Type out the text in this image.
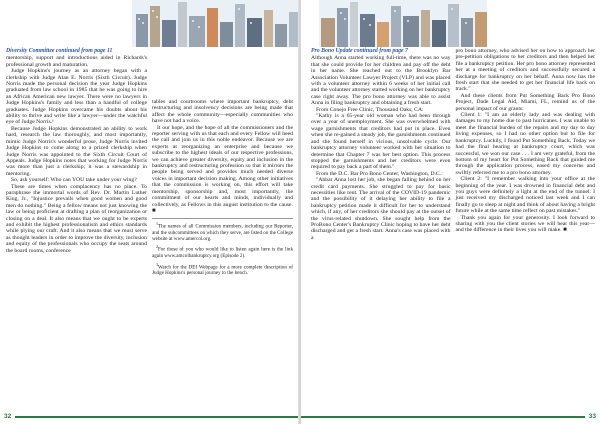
Diversity Committee continued from page 11

mentorship, support and introductions aided in Richards's professional growth and maturation.

Judge Hopkins's journey as an attorney began with a clerkship with Judge Alan E. Norris (Sixth Circuit). Judge Norris made the personal decision the year Judge Hopkins graduated from law school in 1985 that he was going to hire an African American new lawyer. There were no lawyers in Judge Hopkins's family and less than a handful of college graduates. Judge Hopkins overcame his doubts about his ability to thrive and write like a lawyer—under the watchful eye of Judge Norris.¹

Because Judge Hopkins demonstrated an ability to work hard, research the law thoroughly, and most importantly, mimic Judge Norris's wonderful prose, Judge Norris invited Judge Hopkins to come along to a prized clerkship when Judge Norris was appointed to the Sixth Circuit Court of Appeals. Judge Hopkins notes that working for Judge Norris was more than just a clerkship; it was a stewardship in mentoring.

So, ask yourself: Who can YOU take under your wing?

These are times when complacency has no place. To paraphrase the immortal words of Rev. Dr. Martin Luther King, Jr., "Injustice prevails when good women and good men do nothing." Being a fellow means not just knowing the law or being proficient at drafting a plan of reorganization or closing on a deal. It also means that we ought to be experts and exhibit the highest professionalism and ethics standards while plying our craft. And it also means that we must serve as thought leaders in order to improve the diversity, inclusion and equity of the professionals who occupy the seats around the board rooms, conference

tables and courtrooms where important bankruptcy, debt restructuring and insolvency decisions are being made that affect the whole community—especially communities who have not had a voice.

It our hope, and the hope of all the commissioners and the reporter serving with us that each and every Fellow will heed the call and join us in this noble endeavor. Because we are experts at reorganizing an enterprise and because we subscribe to the highest ideals of our respective professions, we can achieve greater diversity, equity and inclusion in the bankruptcy and restructuring profession so that it mirrors the people being served and provides much needed diverse voices in important decision making. Among other initiatives that the commission is working on, this effort will take mentorship, sponsorship and, most importantly, the commitment of our hearts and minds, individually and collectively, as Fellows in this august institution to the cause. ■

$^1$The names of all Commission members, including our Reporter, and the subcommittees on which they serve, are listed on the College website at www.amercol.org.

$^2$For those of you who would like to listen again here is the link again www.amcolbankruptcy.org (Episode 2).

$^3$Watch for the DEI Webpage for a more complete description of Judge Hopkins's personal journey to the bench.

32
Pro Bono Update continued from page 7

Although Anna started working full-time, there was no way that she could provide for her children and pay off the debt in her name. She reached out to the Brooklyn Bar Association Volunteer Lawyer Project (VLP) and was placed with a volunteer attorney within 6 weeks of her initial call and the volunteer attorney started working on her bankruptcy case right away. The pro bono attorney was able to assist Anna in filing bankruptcy and obtaining a fresh start.

From Conejo Free Clinic, Thousand Oaks, CA:

"Kathy is a 65-year old woman who had been through over a year of unemployment. She was overwhelmed with wage garnishments that creditors had put in place. Even when she re-gained a steady job, the garnishments continued and she found herself in vicious, unsolvable cycle. Our bankruptcy attorney volunteer worked with her situation to determine that Chapter 7 was her best option. This process stopped the garnishments and her creditors were even required to pay back a part of them."

From the D.C. Bar Pro Bono Center, Washington, D.C.:

"Ahbar Anna lost her job, she began falling behind on her credit card payments. She struggled to pay for basic necessities like rent. The arrival of the COVID-19 pandemic and the possibility of it delaying her ability to file a bankruptcy petition made it difficult for her to understand which, if any, of her creditors she should pay at the outset of the virus-related shutdown. She sought help from the ProBono Center's Bankruptcy Clinic hoping to have her debt discharged and get a fresh start. Anna's case was placed with a

pro bono attorney, who advised her on how to approach her pre-petition obligations to her creditors and then helped her file a bankruptcy petition. Her pro bono attorney represented her at a meeting of creditors and successfully secured a discharge for bankruptcy on her behalf. Anna now has the fresh start that she needed to get her financial life back on track."

And these clients from Put Something Back Pro Bono Project, Dade Legal Aid, Miami, FL, remind us of the personal impact of our grants:

Client 1: "I am an elderly lady and was dealing with damages to my home due to past hurricanes. I was unable to meet the financial burden of the repairs and my day to day living expenses, so I had no other option but to file for bankruptcy. Luckily, I found Put Something Back. Today we had the final hearing at bankruptcy court, which was successful, we won our case . . . I am very grateful, from the bottom of my heart for Put Something Back that guided me through the application process, eased my concerns and swiftly referred me to a pro bono attorney.

Client 2: "I remember walking into your office at the beginning of the year. I was drowned in financial debt and you guys were definitely a light at the end of the tunnel. I just received my discharged noticed last week and I can finally go to sleep at night and think of about having a bright future while at the same time reflect on past mistakes."

Thank you again for your generosity. I look forward to sharing with you the client stories we will hear this year—and the difference in their lives you will make. ■

33
